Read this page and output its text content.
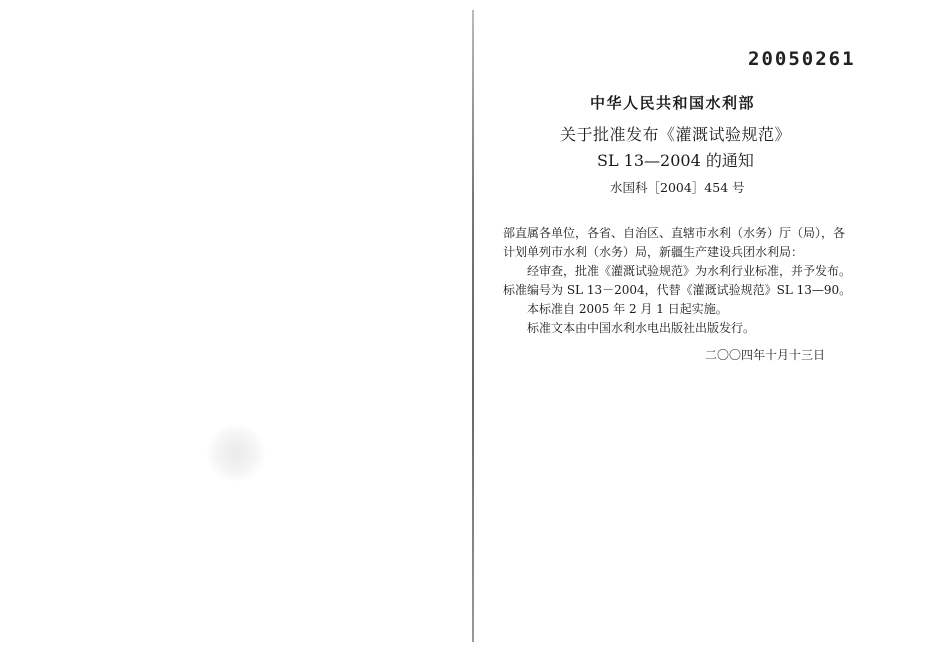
20050261
中华人民共和国水利部
关于批准发布《灌溉试验规范》
SL 13—2004 的通知
水国科［2004］454 号

部直属各单位，各省、自治区、直辖市水利（水务）厅（局），各

计划单列市水利（水务）局，新疆生产建设兵团水利局：

经审查，批准《灌溉试验规范》为水利行业标准，并予发布。

标准编号为 SL 13－2004，代替《灌溉试验规范》SL 13—90。

本标准自 2005 年 2 月 1 日起实施。

标准文本由中国水利水电出版社出版发行。

二〇〇四年十月十三日
